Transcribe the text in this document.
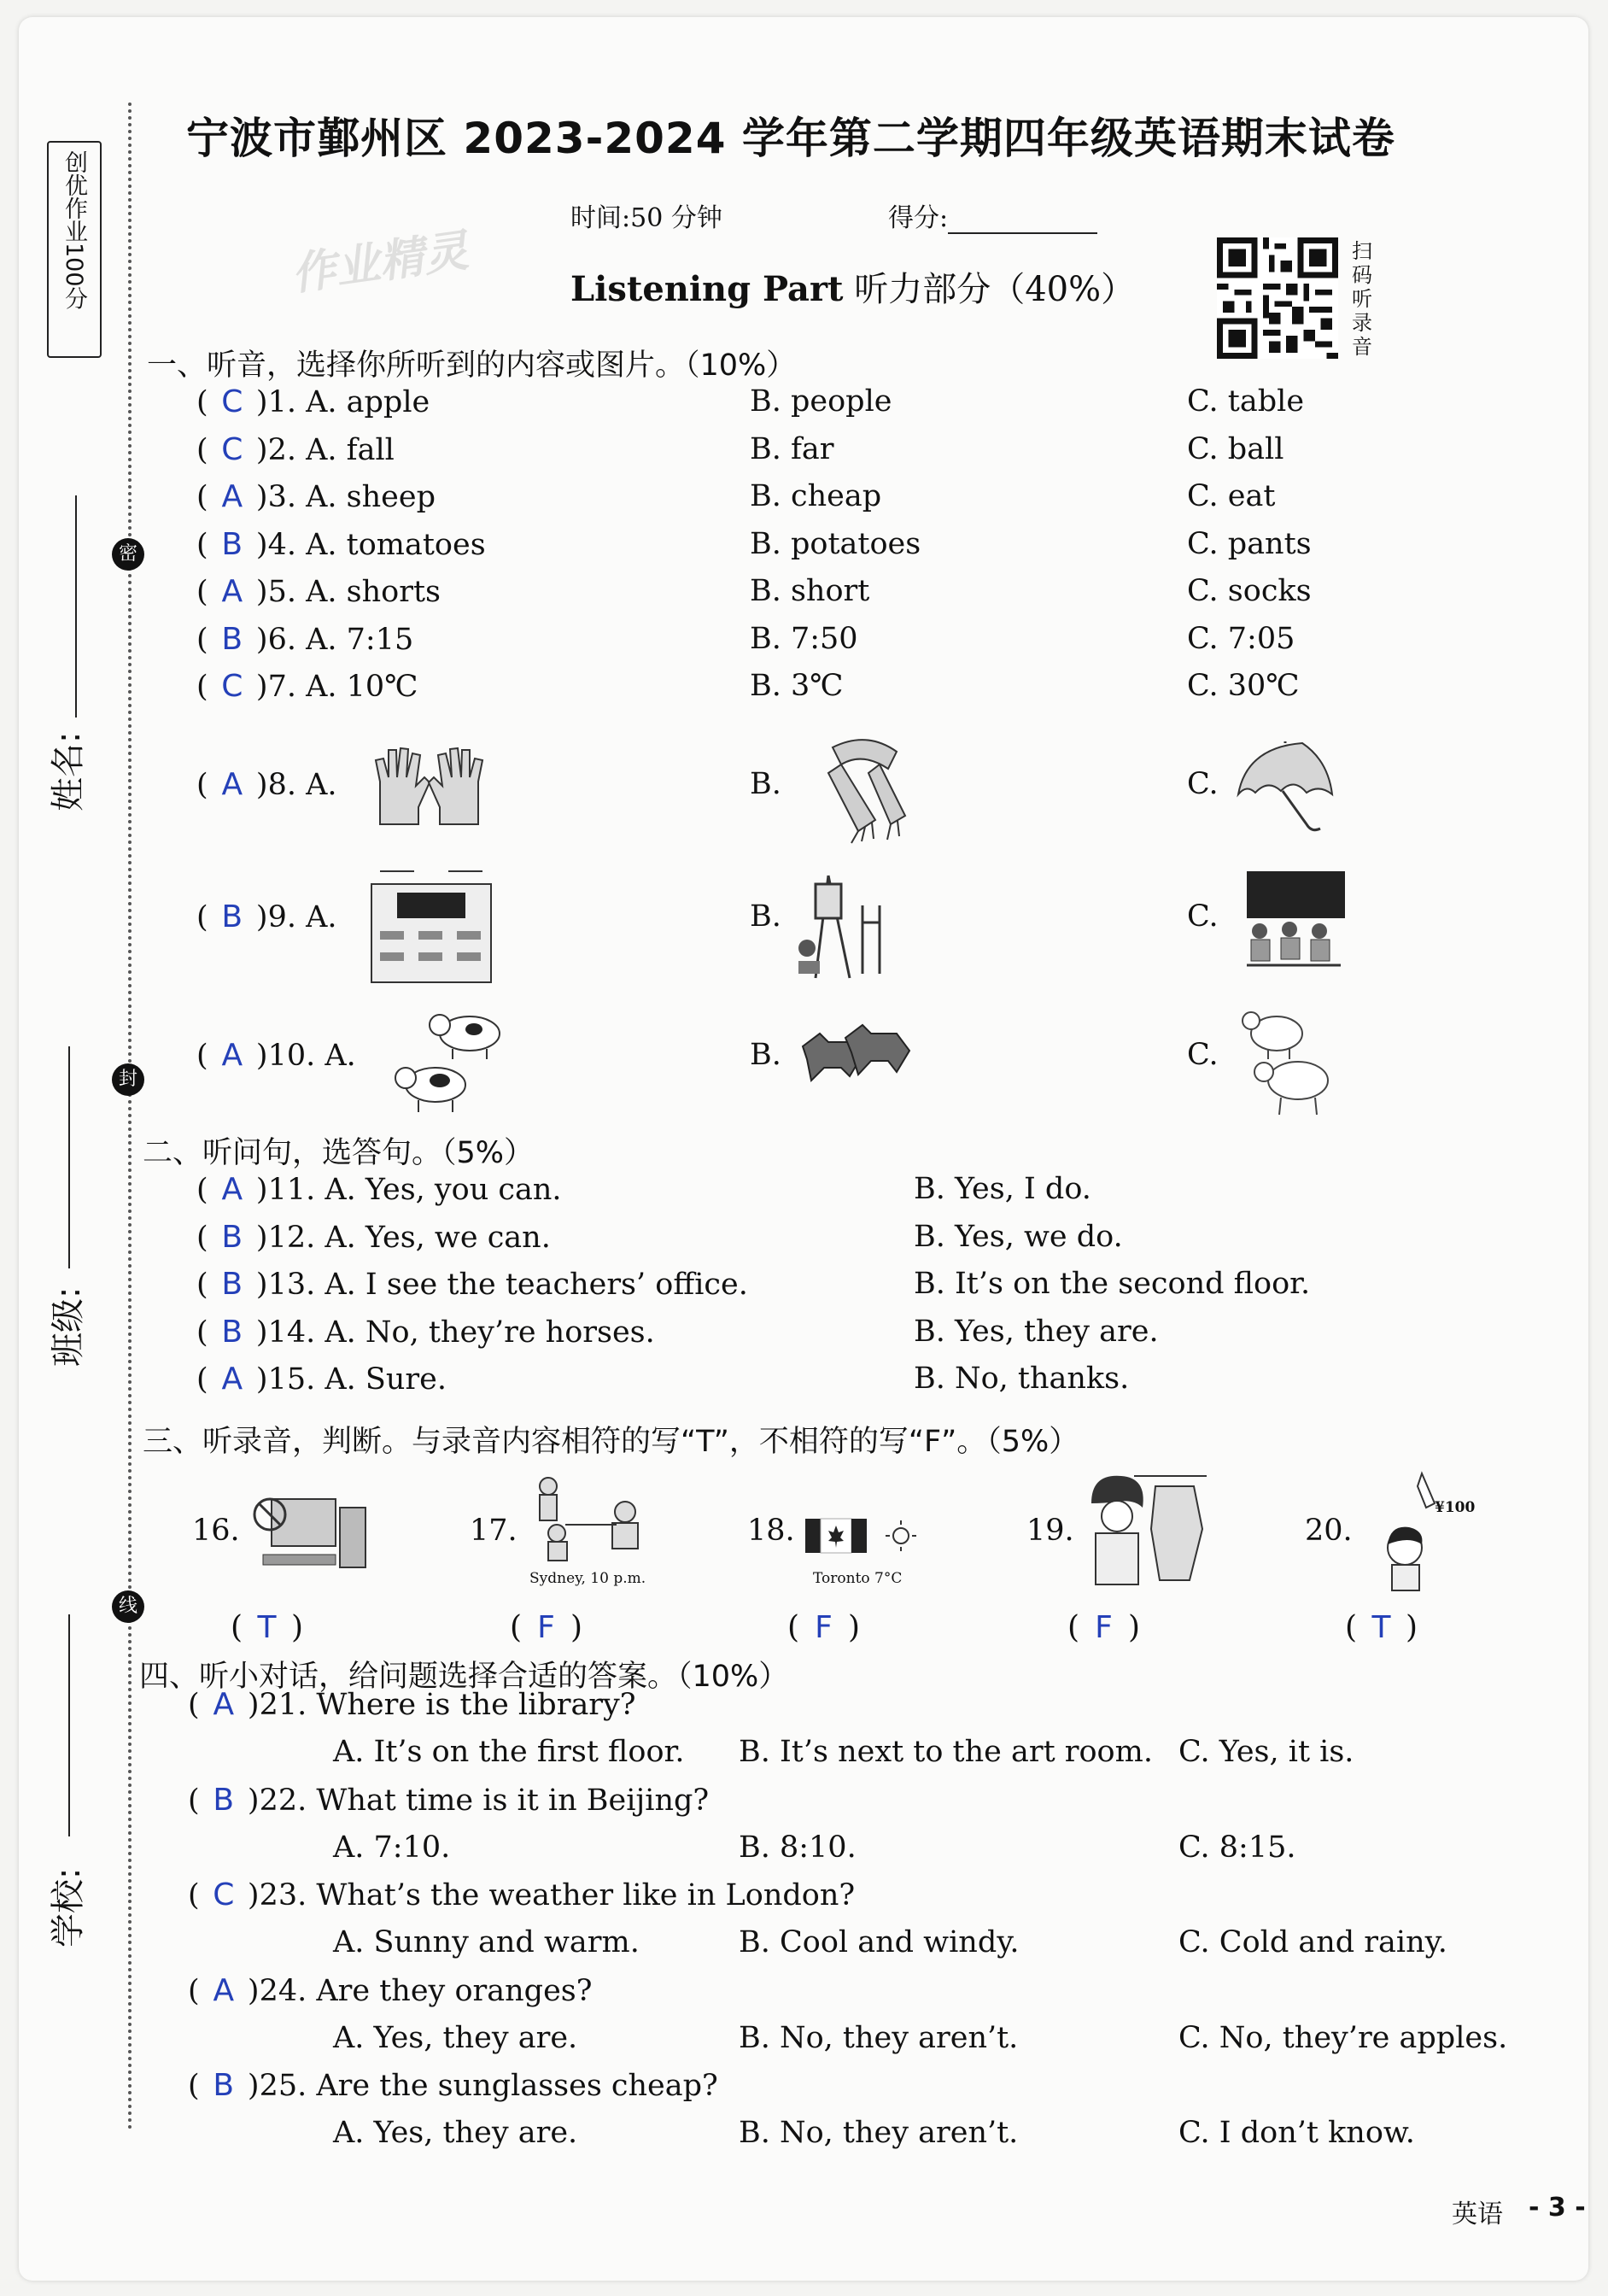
创优作业100分
密
封
线
姓名:
班级:
学校:
宁波市鄞州区 2023-2024 学年第二学期四年级英语期末试卷
时间:50 分钟	得分:
作业精灵	Listening Part 听力部分（40%）
扫码听录音
一、听音，选择你所听到的内容或图片。（10%）
( A )8. A.	B.	C.
( B )9. A.	B.	C.
( A )10. A.	B.	C.
二、听问句，选答句。（5%）
三、听录音，判断。与录音内容相符的写“T”，不相符的写“F”。（5%）
16.
( T )
17.
Sydney, 10 p.m.
( F )
18.
Toronto 7°C
( F )
19.
( F )
20.
¥100
( T )
四、听小对话，给问题选择合适的答案。（10%）
英语 - 3 -
( C )1. A. apple	B. people	C. table
( C )2. A. fall	B. far	C. ball
( A )3. A. sheep	B. cheap	C. eat
( B )4. A. tomatoes	B. potatoes	C. pants
( A )5. A. shorts	B. short	C. socks
( B )6. A. 7:15	B. 7:50	C. 7:05
( C )7. A. 10℃	B. 3℃	C. 30℃
( A )11. A. Yes, you can.	B. Yes, I do.
( B )12. A. Yes, we can.	B. Yes, we do.
( B )13. A. I see the teachers’ office.	B. It’s on the second floor.
( B )14. A. No, they’re horses.	B. Yes, they are.
( A )15. A. Sure.	B. No, thanks.
( A )21. Where is the library?
A. It’s on the first floor. B. It’s next to the art room. C. Yes, it is.
( B )22. What time is it in Beijing?
A. 7:10.	B. 8:10.	C. 8:15.
( C )23. What’s the weather like in London?
A. Sunny and warm.	B. Cool and windy.	C. Cold and rainy.
( A )24. Are they oranges?
A. Yes, they are.	B. No, they aren’t.	C. No, they’re apples.
( B )25. Are the sunglasses cheap?
A. Yes, they are.	B. No, they aren’t.	C. I don’t know.
